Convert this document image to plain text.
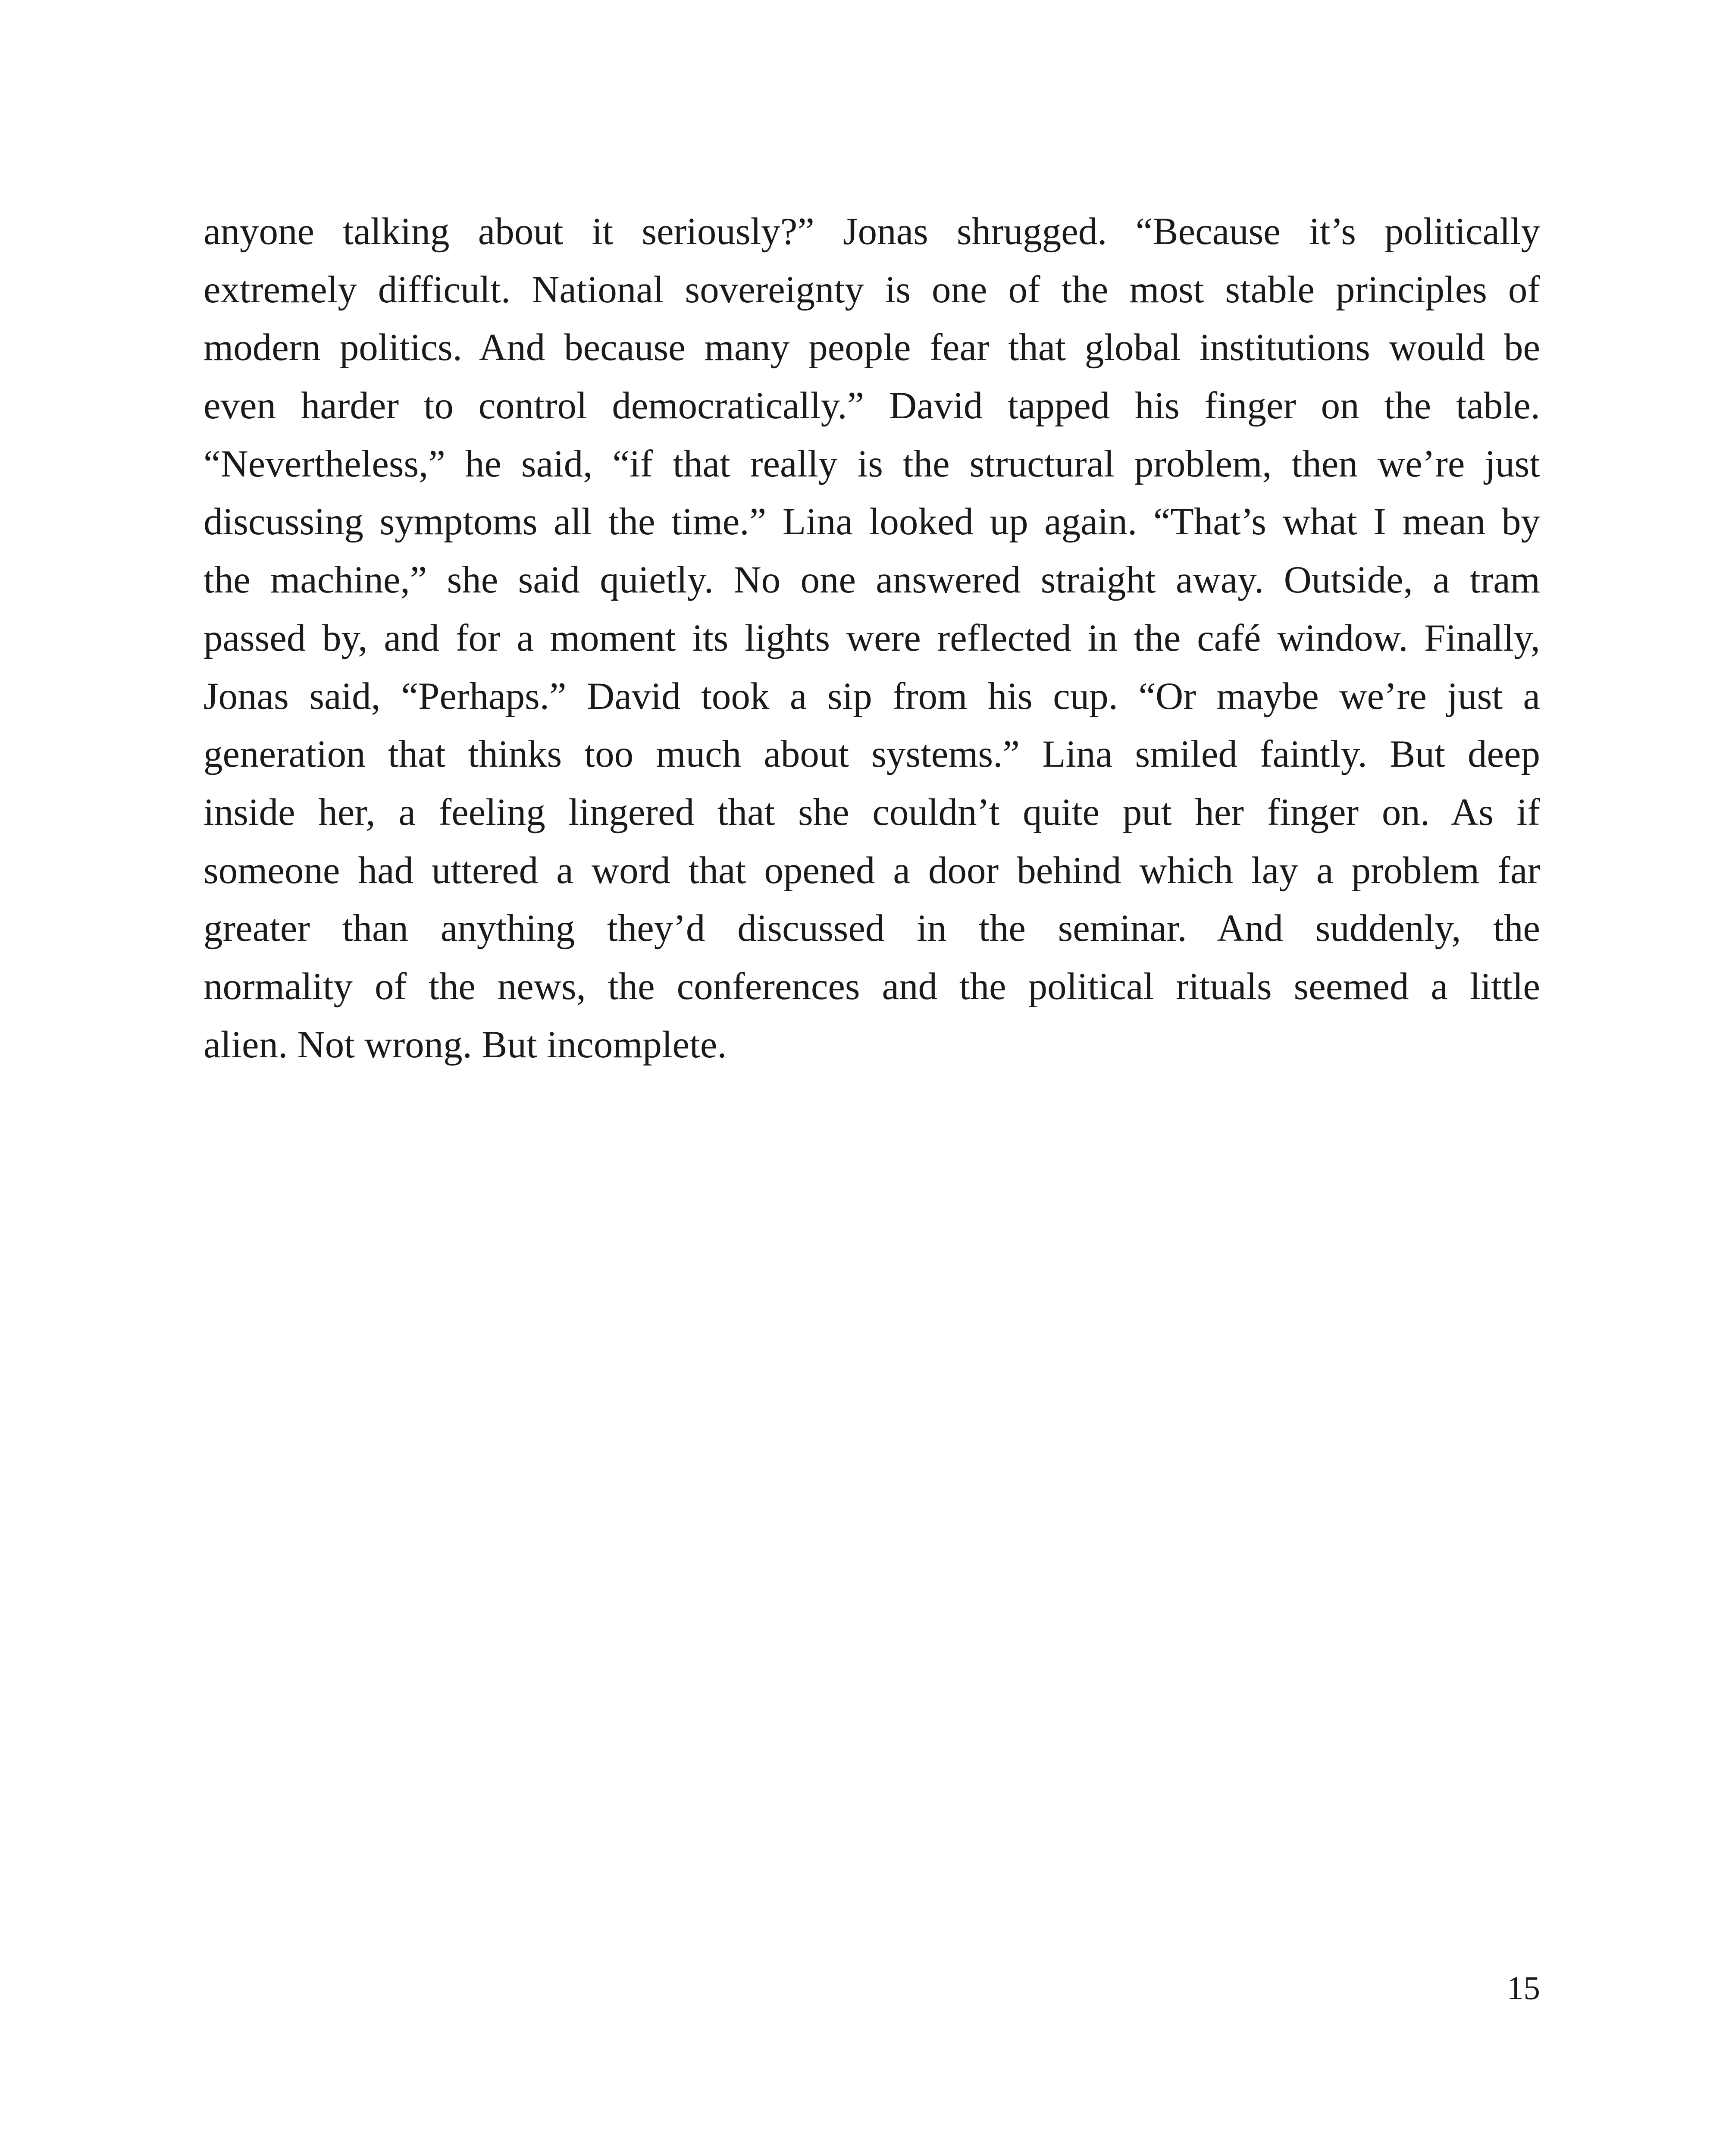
anyone talking about it seriously?” Jonas shrugged. “Because it’s politically
extremely difficult. National sovereignty is one of the most stable principles of
modern politics. And because many people fear that global institutions would be
even harder to control democratically.” David tapped his finger on the table.
“Nevertheless,” he said, “if that really is the structural problem, then we’re just
discussing symptoms all the time.” Lina looked up again. “That’s what I mean by
the machine,” she said quietly. No one answered straight away. Outside, a tram
passed by, and for a moment its lights were reflected in the café window. Finally,
Jonas said, “Perhaps.” David took a sip from his cup. “Or maybe we’re just a
generation that thinks too much about systems.” Lina smiled faintly. But deep
inside her, a feeling lingered that she couldn’t quite put her finger on. As if
someone had uttered a word that opened a door behind which lay a problem far
greater than anything they’d discussed in the seminar. And suddenly, the
normality of the news, the conferences and the political rituals seemed a little
alien. Not wrong. But incomplete.
15
